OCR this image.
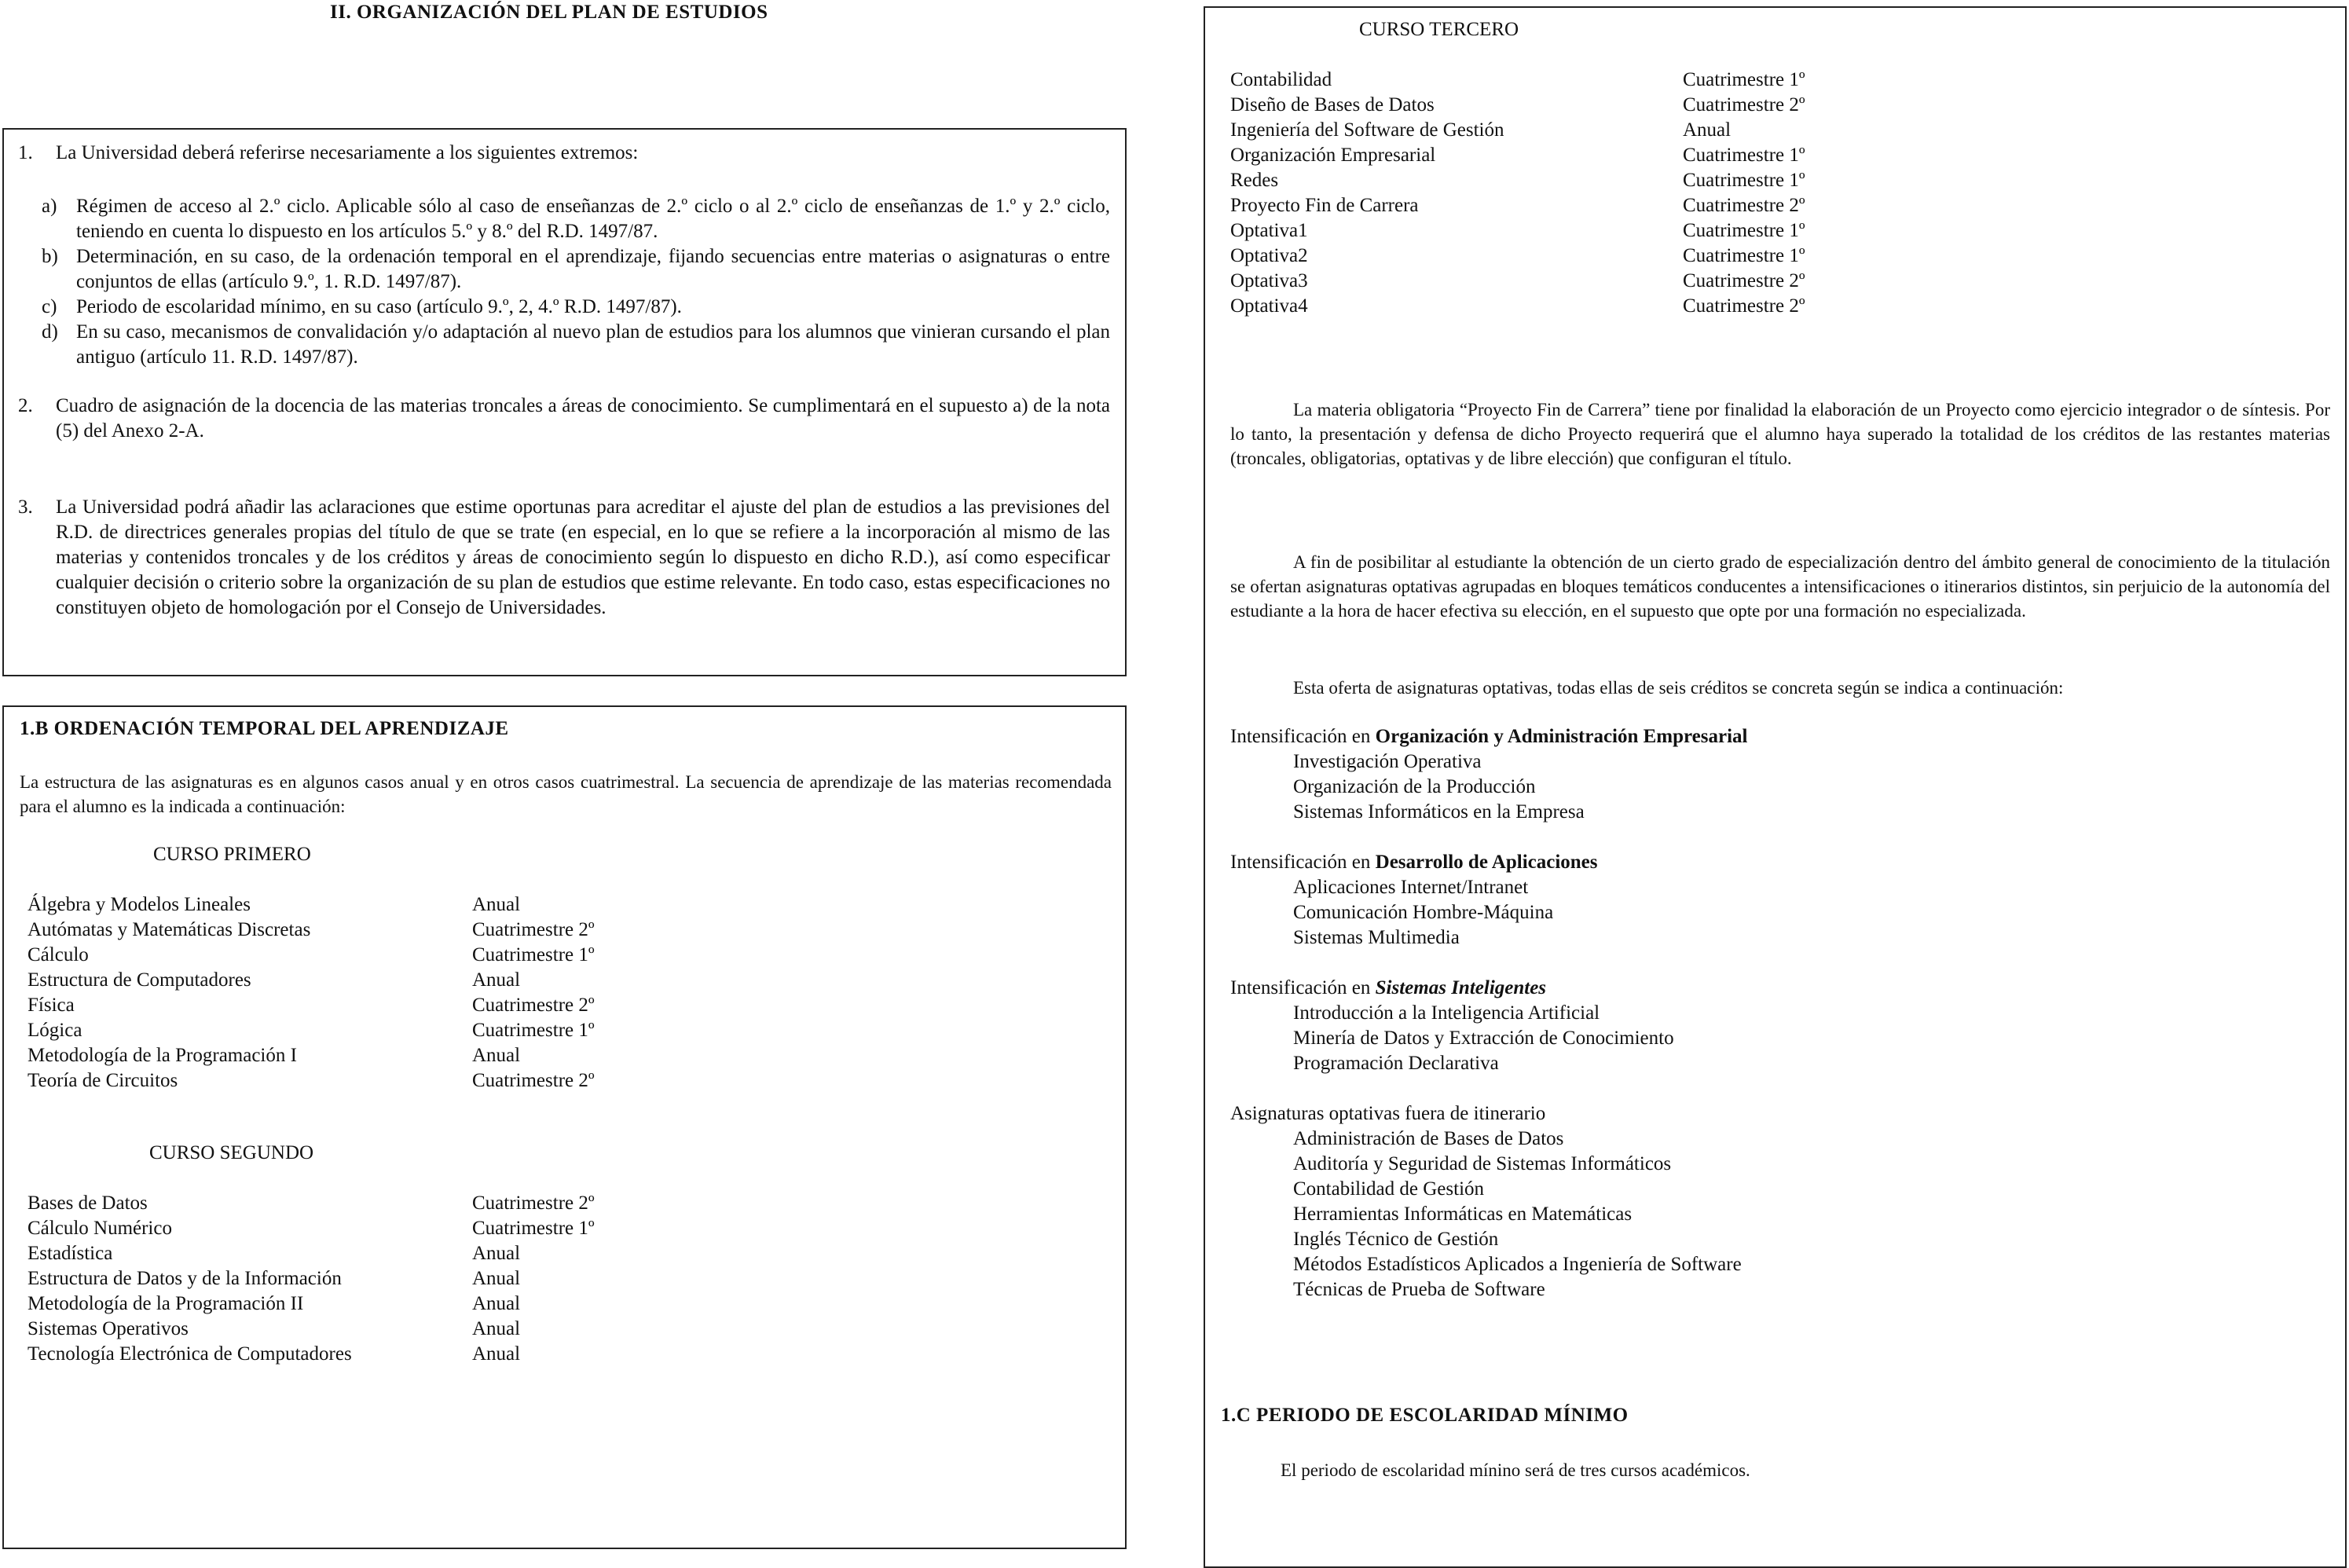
II. ORGANIZACIÓN DEL PLAN DE ESTUDIOS
1. La Universidad deberá referirse necesariamente a los siguientes extremos:
a) Régimen de acceso al 2.º ciclo. Aplicable sólo al caso de enseñanzas de 2.º ciclo o al 2.º ciclo de enseñanzas de 1.º y 2.º ciclo, teniendo en cuenta lo dispuesto en los artículos 5.º y 8.º del R.D. 1497/87.
b) Determinación, en su caso, de la ordenación temporal en el aprendizaje, fijando secuencias entre materias o asignaturas o entre conjuntos de ellas (artículo 9.º, 1. R.D. 1497/87).
c) Periodo de escolaridad mínimo, en su caso (artículo 9.º, 2, 4.º R.D. 1497/87).
d) En su caso, mecanismos de convalidación y/o adaptación al nuevo plan de estudios para los alumnos que vinieran cursando el plan antiguo (artículo 11. R.D. 1497/87).
2. Cuadro de asignación de la docencia de las materias troncales a áreas de conocimiento. Se cumplimentará en el supuesto a) de la nota (5) del Anexo 2-A.
3. La Universidad podrá añadir las aclaraciones que estime oportunas para acreditar el ajuste del plan de estudios a las previsiones del R.D. de directrices generales propias del título de que se trate (en especial, en lo que se refiere a la incorporación al mismo de las materias y contenidos troncales y de los créditos y áreas de conocimiento según lo dispuesto en dicho R.D.), así como especificar cualquier decisión o criterio sobre la organización de su plan de estudios que estime relevante. En todo caso, estas especificaciones no constituyen objeto de homologación por el Consejo de Universidades.
1.B ORDENACIÓN TEMPORAL DEL APRENDIZAJE
La estructura de las asignaturas es en algunos casos anual y en otros casos cuatrimestral. La secuencia de aprendizaje de las materias recomendada para el alumno es la indicada a continuación:
CURSO PRIMERO
Álgebra y Modelos Lineales	Anual
Autómatas y Matemáticas Discretas	Cuatrimestre 2º
Cálculo	Cuatrimestre 1º
Estructura de Computadores	Anual
Física	Cuatrimestre 2º
Lógica	Cuatrimestre 1º
Metodología de la Programación I	Anual
Teoría de Circuitos	Cuatrimestre 2º
CURSO SEGUNDO
Bases de Datos	Cuatrimestre 2º
Cálculo Numérico	Cuatrimestre 1º
Estadística	Anual
Estructura de Datos y de la Información	Anual
Metodología de la Programación II	Anual
Sistemas Operativos	Anual
Tecnología Electrónica de Computadores	Anual
CURSO TERCERO
Contabilidad	Cuatrimestre 1º
Diseño de Bases de Datos	Cuatrimestre 2º
Ingeniería del Software de Gestión	Anual
Organización Empresarial	Cuatrimestre 1º
Redes	Cuatrimestre 1º
Proyecto Fin de Carrera	Cuatrimestre 2º
Optativa1	Cuatrimestre 1º
Optativa2	Cuatrimestre 1º
Optativa3	Cuatrimestre 2º
Optativa4	Cuatrimestre 2º
La materia obligatoria “Proyecto Fin de Carrera” tiene por finalidad la elaboración de un Proyecto como ejercicio integrador o de síntesis. Por lo tanto, la presentación y defensa de dicho Proyecto requerirá que el alumno haya superado la totalidad de los créditos de las restantes materias (troncales, obligatorias, optativas y de libre elección) que configuran el título.
A fin de posibilitar al estudiante la obtención de un cierto grado de especialización dentro del ámbito general de conocimiento de la titulación se ofertan asignaturas optativas agrupadas en bloques temáticos conducentes a intensificaciones o itinerarios distintos, sin perjuicio de la autonomía del estudiante a la hora de hacer efectiva su elección, en el supuesto que opte por una formación no especializada.
Esta oferta de asignaturas optativas, todas ellas de seis créditos se concreta según se indica a continuación:
Intensificación en Organización y Administración Empresarial
Investigación Operativa
Organización de la Producción
Sistemas Informáticos en la Empresa
Intensificación en Desarrollo de Aplicaciones
Aplicaciones Internet/Intranet
Comunicación Hombre-Máquina
Sistemas Multimedia
Intensificación en Sistemas Inteligentes
Introducción a la Inteligencia Artificial
Minería de Datos y Extracción de Conocimiento
Programación Declarativa
Asignaturas optativas fuera de itinerario
Administración de Bases de Datos
Auditoría y Seguridad de Sistemas Informáticos
Contabilidad de Gestión
Herramientas Informáticas en Matemáticas
Inglés Técnico de Gestión
Métodos Estadísticos Aplicados a Ingeniería de Software
Técnicas de Prueba de Software
1.C PERIODO DE ESCOLARIDAD MÍNIMO
El periodo de escolaridad mínino será de tres cursos académicos.
